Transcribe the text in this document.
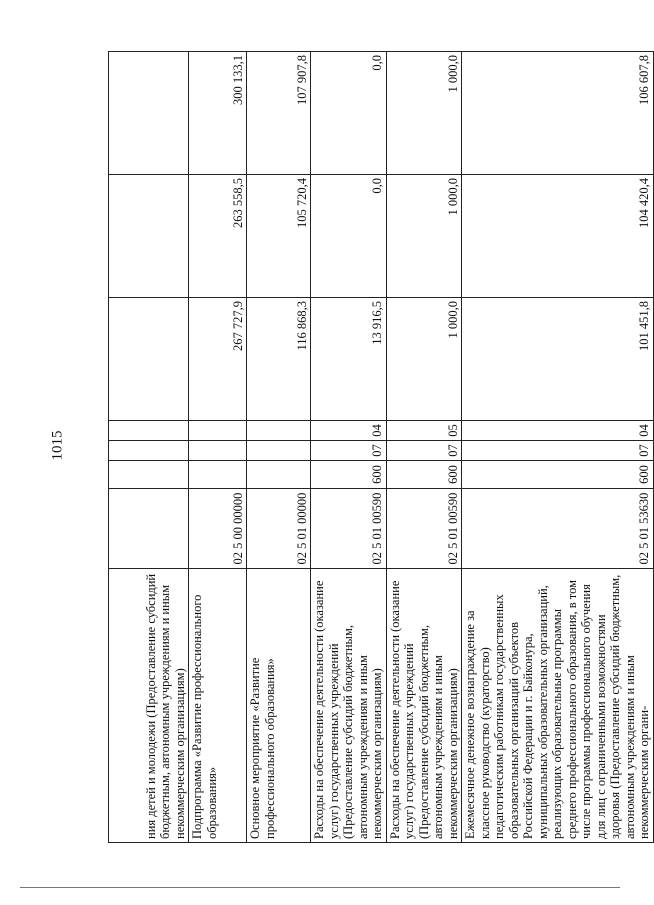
1015
ния детей и молодежи (Предоставление субсидий бюджетным, автономным учреждениям и иным некоммерческим организациям)							
Подпрограмма «Развитие профессионального образования»	02 5 00 00000				267 727,9	263 558,5	300 133,1
Основное мероприятие «Развитие профессионального образования»	02 5 01 00000				116 868,3	105 720,4	107 907,8
Расходы на обеспечение деятельности (оказание услуг) государственных учреждений (Предоставление субсидий бюджетным, автономным учреждениям и иным некоммерческим организациям)	02 5 01 00590	600	07	04	13 916,5	0,0	0,0
Расходы на обеспечение деятельности (оказание услуг) государственных учреждений (Предоставление субсидий бюджетным, автономным учреждениям и иным некоммерческим организациям)	02 5 01 00590	600	07	05	1 000,0	1 000,0	1 000,0
Ежемесячное денежное вознаграждение за классное руководство (кураторство) педагогическим работникам государственных образовательных организаций субъектов Российской Федерации и г. Байконура, муниципальных образовательных организаций, реализующих образовательные программы среднего профессионального образования, в том числе программы профессионального обучения для лиц с ограниченными возможностями здоровья (Предоставление субсидий бюджетным, автономным учреждениям и иным некоммерческим органи-	02 5 01 53630	600	07	04	101 451,8	104 420,4	106 607,8
